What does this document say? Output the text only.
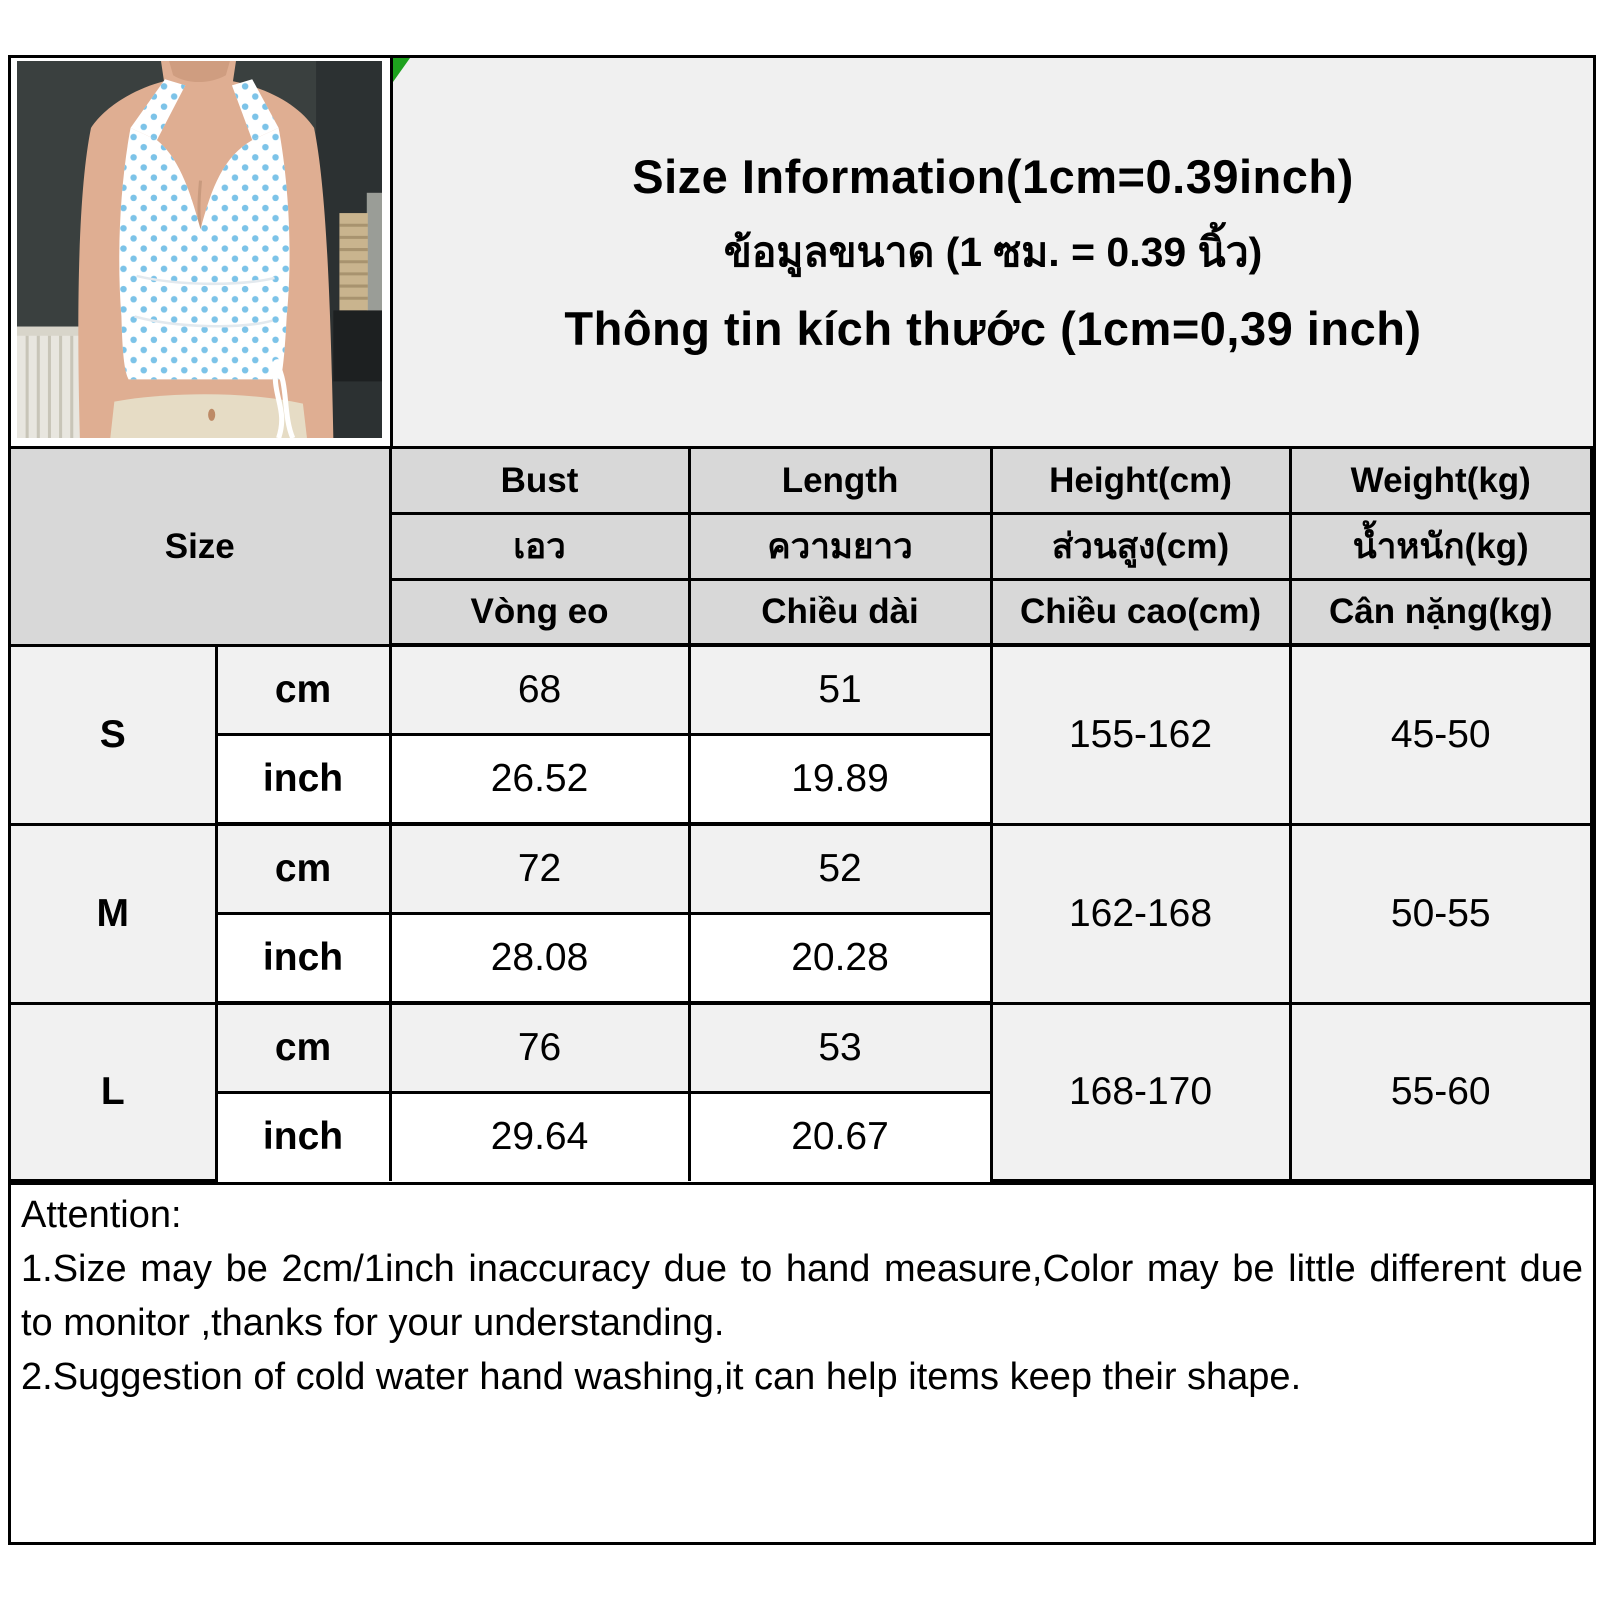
Size Information(1cm=0.39inch)
ข้อมูลขนาด (1 ซม. = 0.39 นิ้ว)
Thông tin kích thước (1cm=0,39 inch)
Size		Bust	Length	Height(cm)	Weight(kg)
		เอว	ความยาว	ส่วนสูง(cm)	น้ำหนัก(kg)
		Vòng eo	Chiều dài	Chiều cao(cm)	Cân nặng(kg)
S	cm	68	51	155-162	45-50
	inch	26.52	19.89		
M	cm	72	52	162-168	50-55
	inch	28.08	20.28		
L	cm	76	53	168-170	55-60
	inch	29.64	20.67		
Attention:

1.Size may be 2cm/1inch inaccuracy due to hand measure,Color may be little different due to monitor ,thanks for your understanding.

2.Suggestion of cold water hand washing,it can help items keep their shape.
